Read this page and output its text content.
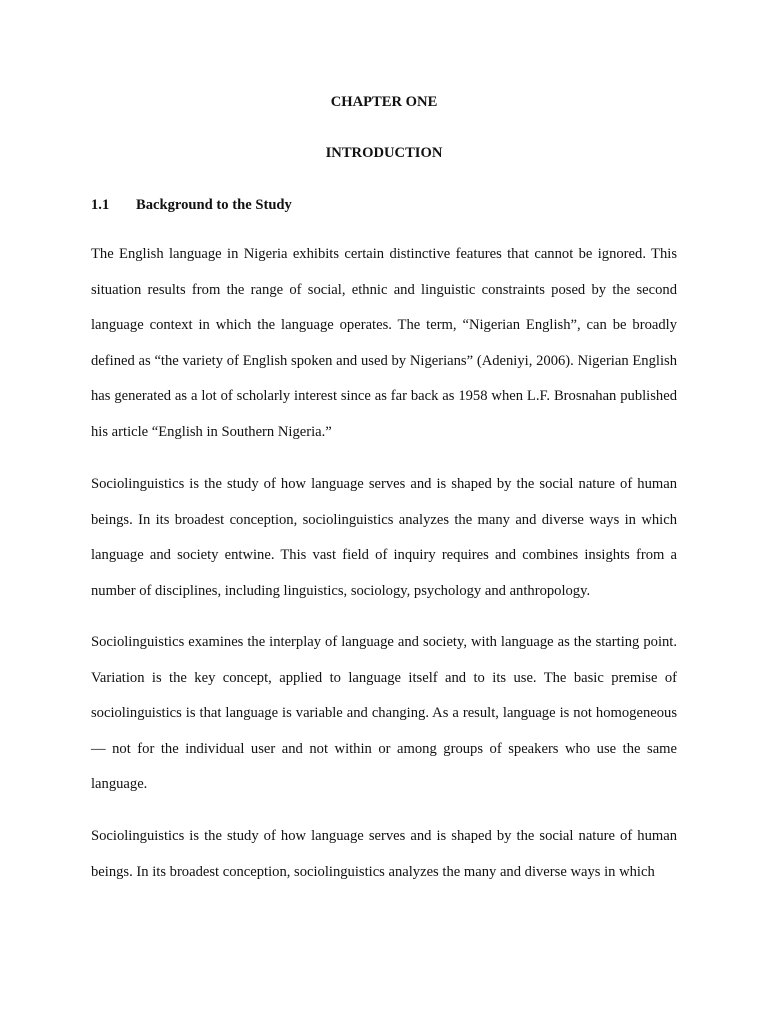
CHAPTER ONE
INTRODUCTION
1.1	Background to the Study

The English language in Nigeria exhibits certain distinctive features that cannot be ignored. This situation results from the range of social, ethnic and linguistic constraints posed by the second language context in which the language operates. The term, “Nigerian English”, can be broadly defined as “the variety of English spoken and used by Nigerians” (Adeniyi, 2006). Nigerian English has generated as a lot of scholarly interest since as far back as 1958 when L.F. Brosnahan published his article “English in Southern Nigeria.”

Sociolinguistics is the study of how language serves and is shaped by the social nature of human beings. In its broadest conception, sociolinguistics analyzes the many and diverse ways in which language and society entwine. This vast field of inquiry requires and combines insights from a number of disciplines, including linguistics, sociology, psychology and anthropology.

Sociolinguistics examines the interplay of language and society, with language as the starting point. Variation is the key concept, applied to language itself and to its use. The basic premise of sociolinguistics is that language is variable and changing. As a result, language is not homogeneous — not for the individual user and not within or among groups of speakers who use the same language.

Sociolinguistics is the study of how language serves and is shaped by the social nature of human beings. In its broadest conception, sociolinguistics analyzes the many and diverse ways in which
